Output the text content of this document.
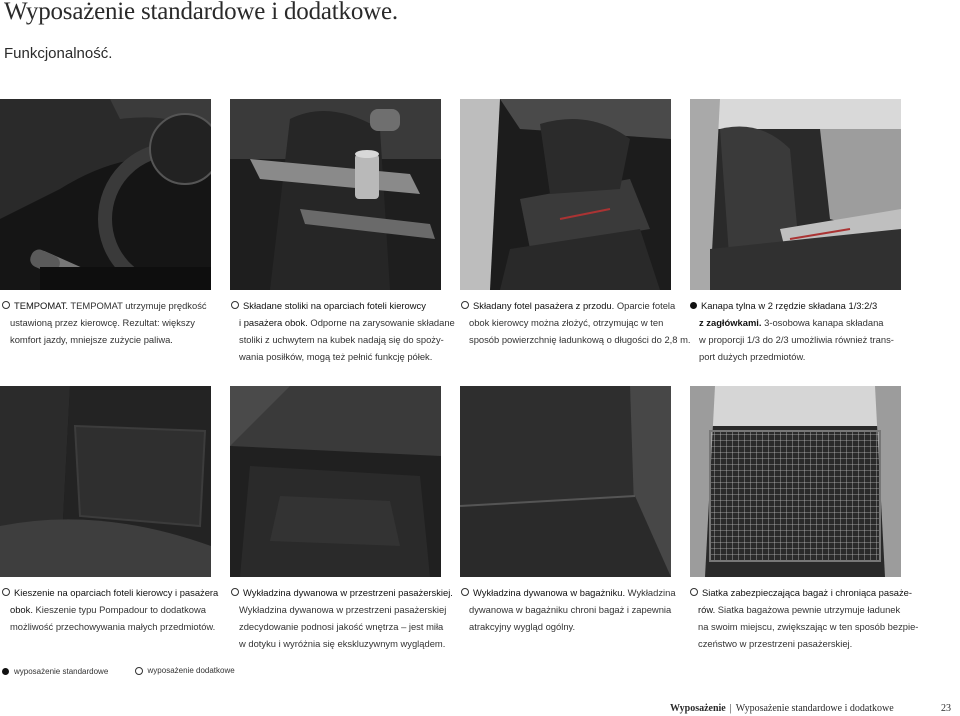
Wyposażenie standardowe i dodatkowe.
Funkcjonalność.
TEMPOMAT. TEMPOMAT utrzymuje prędkość
ustawioną przez kierowcę. Rezultat: większy
komfort jazdy, mniejsze zużycie paliwa.
Składane stoliki na oparciach foteli kierowcy
i pasażera obok. Odporne na zarysowanie składane
stoliki z uchwytem na kubek nadają się do spoży-
wania posiłków, mogą też pełnić funkcję półek.
Składany fotel pasażera z przodu. Oparcie fotela
obok kierowcy można złożyć, otrzymując w ten
sposób powierzchnię ładunkową o długości do 2,8 m.
Kanapa tylna w 2 rzędzie składana 1/3:2/3
z zagłówkami. 3-osobowa kanapa składana
w proporcji 1/3 do 2/3 umożliwia również trans-
port dużych przedmiotów.
Kieszenie na oparciach foteli kierowcy i pasażera
obok. Kieszenie typu Pompadour to dodatkowa
możliwość przechowywania małych przedmiotów.
Wykładzina dywanowa w przestrzeni pasażerskiej.
Wykładzina dywanowa w przestrzeni pasażerskiej
zdecydowanie podnosi jakość wnętrza – jest miła
w dotyku i wyróżnia się ekskluzywnym wyglądem.
Wykładzina dywanowa w bagażniku. Wykładzina
dywanowa w bagażniku chroni bagaż i zapewnia
atrakcyjny wygląd ogólny.
Siatka zabezpieczająca bagaż i chroniąca pasaże-
rów. Siatka bagażowa pewnie utrzymuje ładunek
na swoim miejscu, zwiększając w ten sposób bezpie-
czeństwo w przestrzeni pasażerskiej.
wyposażenie standardowe
	wyposażenie dodatkowe
Wyposażenie | Wyposażenie standardowe i dodatkowe	23
